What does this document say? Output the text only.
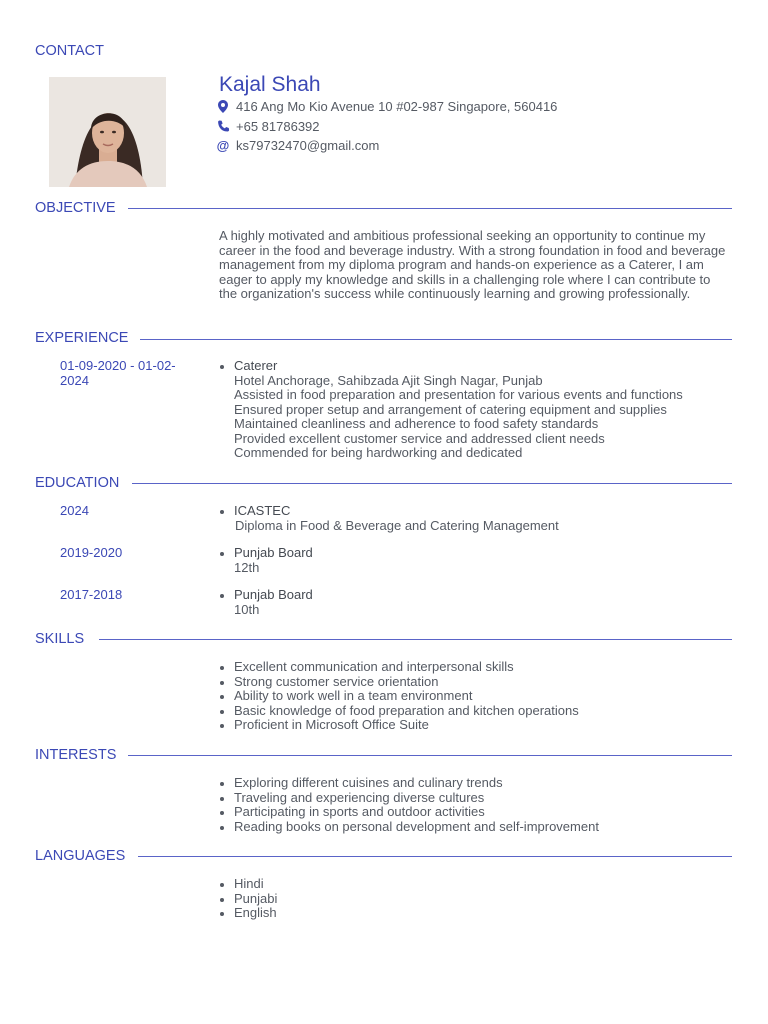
CONTACT
Kajal Shah
416 Ang Mo Kio Avenue 10 #02-987 Singapore, 560416
+65 81786392
@ ks79732470@gmail.com
OBJECTIVE
A highly motivated and ambitious professional seeking an opportunity to continue my career in the food and beverage industry. With a strong foundation in food and beverage management from my diploma program and hands-on experience as a Caterer, I am eager to apply my knowledge and skills in a challenging role where I can contribute to the organization's success while continuously learning and growing professionally.
EXPERIENCE
01-09-2020 - 01-02-2024
Caterer
Hotel Anchorage, Sahibzada Ajit Singh Nagar, Punjab
Assisted in food preparation and presentation for various events and functions
Ensured proper setup and arrangement of catering equipment and supplies
Maintained cleanliness and adherence to food safety standards
Provided excellent customer service and addressed client needs
Commended for being hardworking and dedicated
EDUCATION
2024	ICASTEC
Diploma in Food & Beverage and Catering Management
2019-2020	Punjab Board
12th
2017-2018	Punjab Board
10th
SKILLS
Excellent communication and interpersonal skills
Strong customer service orientation
Ability to work well in a team environment
Basic knowledge of food preparation and kitchen operations
Proficient in Microsoft Office Suite
INTERESTS
Exploring different cuisines and culinary trends
Traveling and experiencing diverse cultures
Participating in sports and outdoor activities
Reading books on personal development and self-improvement
LANGUAGES
Hindi
Punjabi
English
